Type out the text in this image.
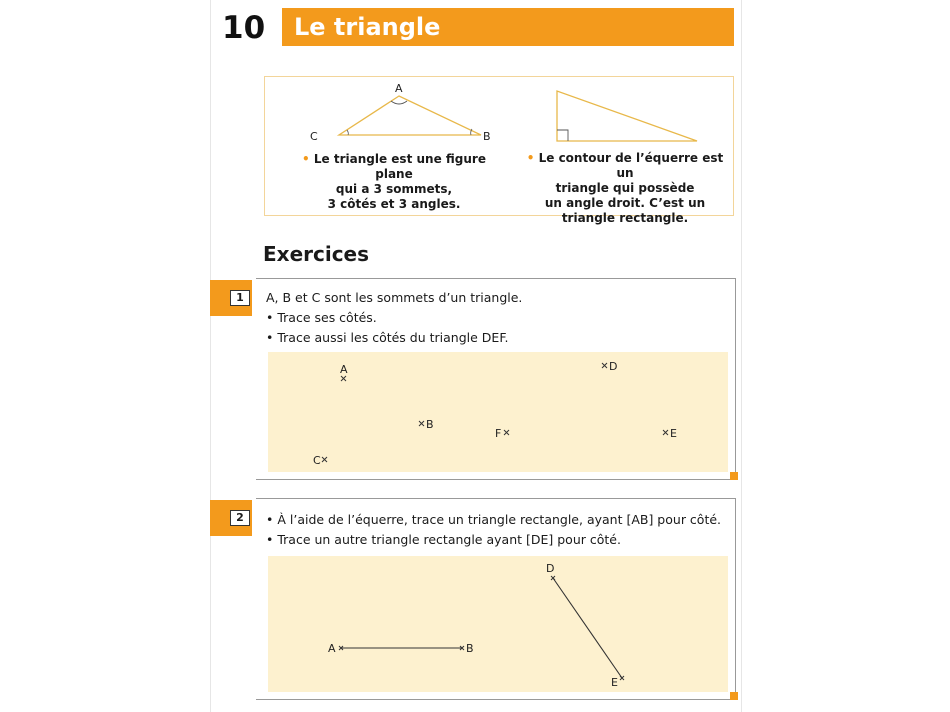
10 Le triangle
A
C	B
• Le triangle est une figure plane
qui a 3 sommets,
3 côtés et 3 angles.
• Le contour de l’équerre est un
triangle qui possède
un angle droit. C’est un
triangle rectangle.
Exercices
1	A, B et C sont les sommets d’un triangle.
• Trace ses côtés.
• Trace aussi les côtés du triangle DEF.
A
B
C
D
E
F
2	• À l’aide de l’équerre, trace un triangle rectangle, ayant [AB] pour côté.
• Trace un autre triangle rectangle ayant [DE] pour côté.
A	B
D
E
